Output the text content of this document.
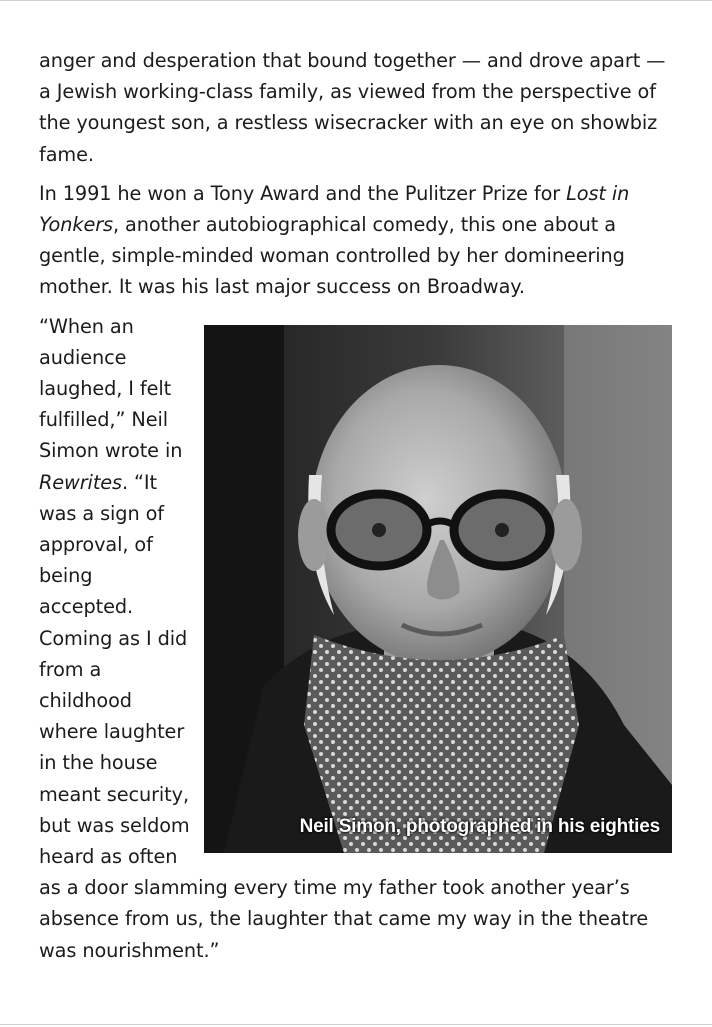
anger and desperation that bound together — and drove apart — a Jewish working-class family, as viewed from the perspective of the youngest son, a restless wisecracker with an eye on showbiz fame.

In 1991 he won a Tony Award and the Pulitzer Prize for Lost in Yonkers, another autobiographical comedy, this one about a gentle, simple-minded woman controlled by her domineering mother. It was his last major success on Broadway.

Neil Simon, photographed in his eighties

“When an audience laughed, I felt fulfilled,” Neil Simon wrote in Rewrites. “It was a sign of approval, of being accepted. Coming as I did from a childhood where laughter in the house meant security, but was seldom heard as often as a door slamming every time my father took another year’s absence from us, the laughter that came my way in the theatre was nourishment.”
